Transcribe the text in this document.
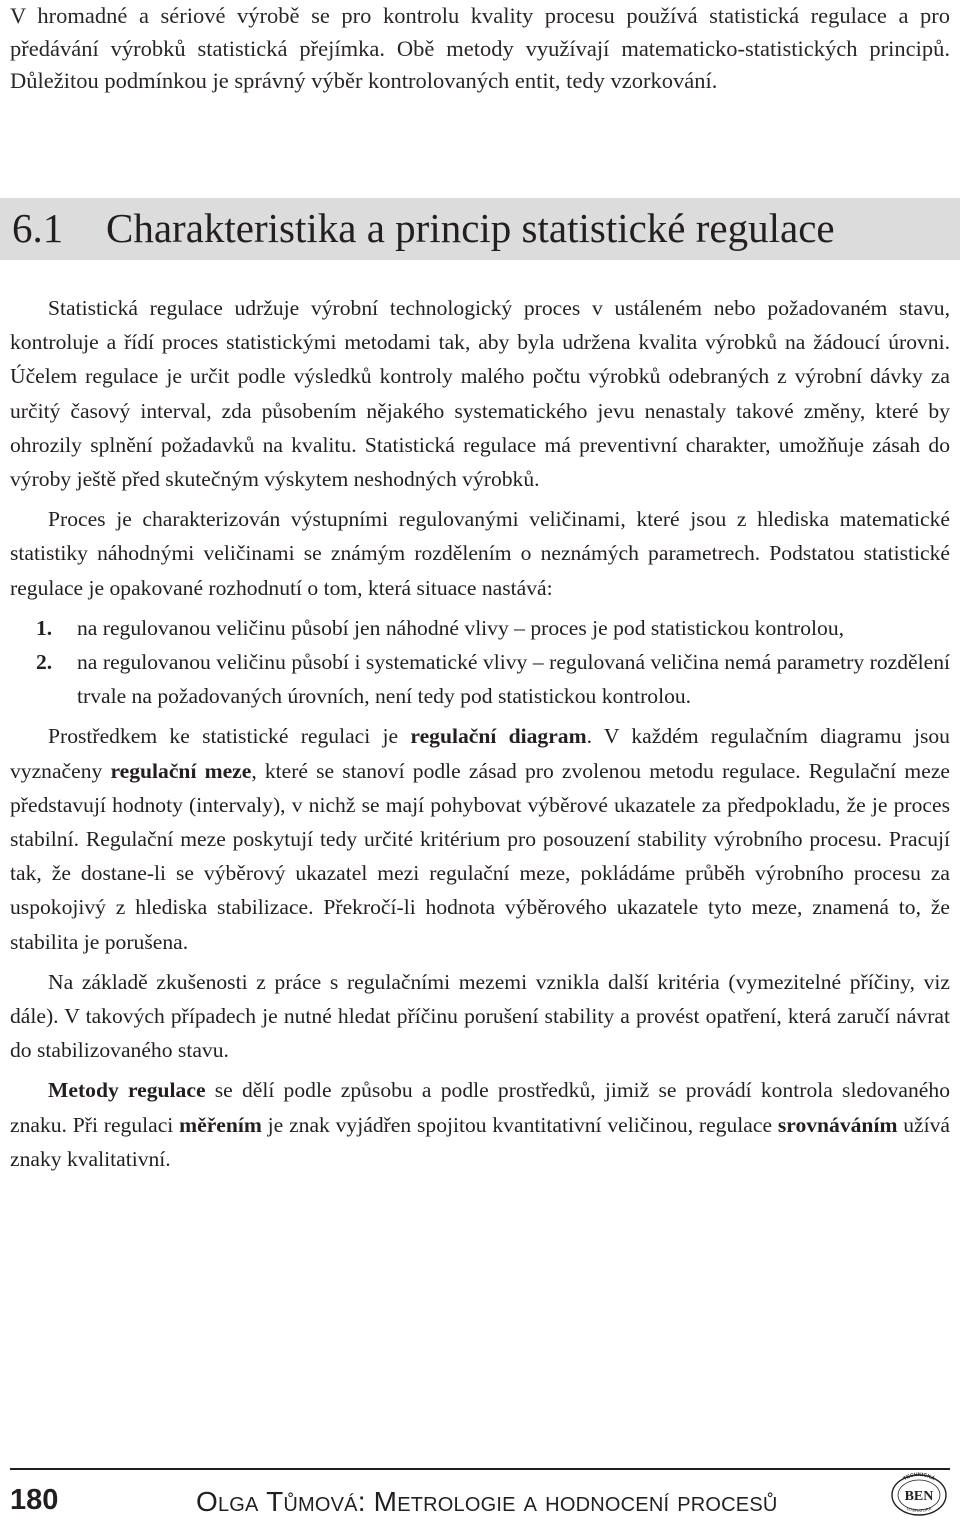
V hromadné a sériové výrobě se pro kontrolu kvality procesu používá statistická regulace a pro předávání výrobků statistická přejímka. Obě metody využívají matematicko-statistických principů. Důležitou podmínkou je správný výběr kontrolovaných entit, tedy vzorkování.

6.1 Charakteristika a princip statistické regulace

Statistická regulace udržuje výrobní technologický proces v ustáleném nebo požadovaném stavu, kontroluje a řídí proces statistickými metodami tak, aby byla udržena kvalita výrobků na žádoucí úrovni. Účelem regulace je určit podle výsledků kontroly malého počtu výrobků odebraných z výrobní dávky za určitý časový interval, zda působením nějakého systematického jevu nenastaly takové změny, které by ohrozily splnění požadavků na kvalitu. Statistická regulace má preventivní charakter, umožňuje zásah do výroby ještě před skutečným výskytem neshodných výrobků.

Proces je charakterizován výstupními regulovanými veličinami, které jsou z hlediska matematické statistiky náhodnými veličinami se známým rozdělením o neznámých parametrech. Podstatou statistické regulace je opakované rozhodnutí o tom, která situace nastává:

1. na regulovanou veličinu působí jen náhodné vlivy – proces je pod statistickou kontrolou,
2. na regulovanou veličinu působí i systematické vlivy – regulovaná veličina nemá parametry rozdělení trvale na požadovaných úrovních, není tedy pod statistickou kontrolou.

Prostředkem ke statistické regulaci je regulační diagram. V každém regulačním diagramu jsou vyznačeny regulační meze, které se stanoví podle zásad pro zvolenou metodu regulace. Regulační meze představují hodnoty (intervaly), v nichž se mají pohybovat výběrové ukazatele za předpokladu, že je proces stabilní. Regulační meze poskytují tedy určité kritérium pro posouzení stability výrobního procesu. Pracují tak, že dostane-li se výběrový ukazatel mezi regulační meze, pokládáme průběh výrobního procesu za uspokojivý z hlediska stabilizace. Překročí-li hodnota výběrového ukazatele tyto meze, znamená to, že stabilita je porušena.

Na základě zkušenosti z práce s regulačními mezemi vznikla další kritéria (vymezitelné příčiny, viz dále). V takových případech je nutné hledat příčinu porušení stability a provést opatření, která zaručí návrat do stabilizovaného stavu.

Metody regulace se dělí podle způsobu a podle prostředků, jimiž se provádí kontrola sledovaného znaku. Při regulaci měřením je znak vyjádřen spojitou kvantitativní veličinou, regulace srovnáváním užívá znaky kvalitativní.

180	Olga Tůmová: Metrologie a hodnocení procesů
TECHNICKÁ
LITERATURA
BEN
